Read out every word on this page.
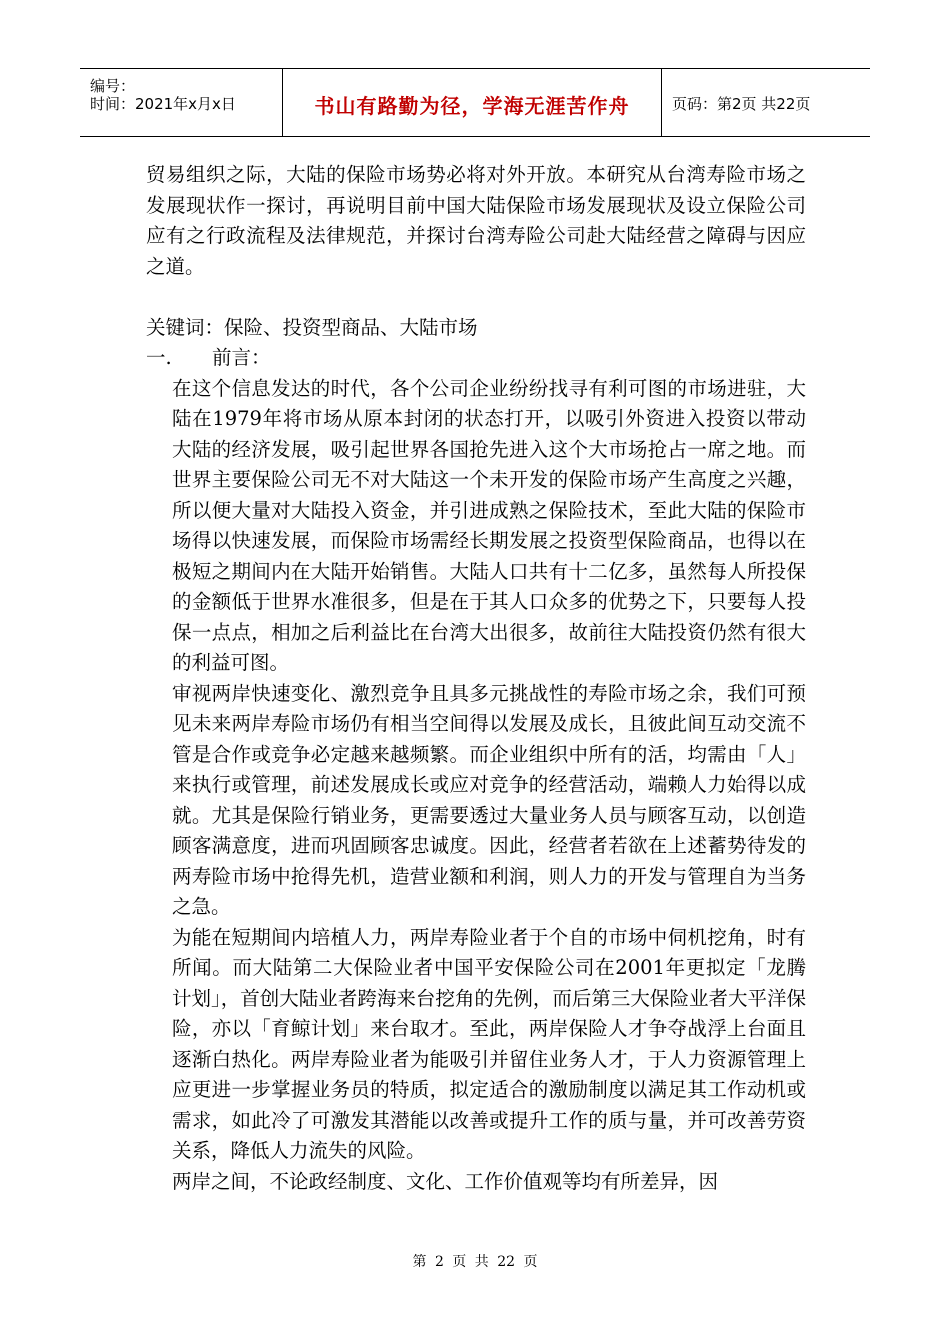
编号：
时间：2021年x月x日	书山有路勤为径，学海无涯苦作舟	页码：第2页 共22页

贸易组织之际，大陆的保险市场势必将对外开放。本研究从台湾寿险市场之发展现状作一探讨，再说明目前中国大陆保险市场发展现状及设立保险公司应有之行政流程及法律规范，并探讨台湾寿险公司赴大陆经营之障碍与因应之道。

关键词：保险、投资型商品、大陆市场

一. 前言：

在这个信息发达的时代，各个公司企业纷纷找寻有利可图的市场进驻，大陆在1979年将市场从原本封闭的状态打开，以吸引外资进入投资以带动大陆的经济发展，吸引起世界各国抢先进入这个大市场抢占一席之地。而世界主要保险公司无不对大陆这一个未开发的保险市场产生高度之兴趣，所以便大量对大陆投入资金，并引进成熟之保险技术，至此大陆的保险市场得以快速发展，而保险市场需经长期发展之投资型保险商品，也得以在极短之期间内在大陆开始销售。大陆人口共有十二亿多，虽然每人所投保的金额低于世界水准很多，但是在于其人口众多的优势之下，只要每人投保一点点，相加之后利益比在台湾大出很多，故前往大陆投资仍然有很大的利益可图。

审视两岸快速变化、激烈竞争且具多元挑战性的寿险市场之余，我们可预见未来两岸寿险市场仍有相当空间得以发展及成长，且彼此间互动交流不管是合作或竞争必定越来越频繁。而企业组织中所有的活，均需由「人」来执行或管理，前述发展成长或应对竞争的经营活动，端赖人力始得以成就。尤其是保险行销业务，更需要透过大量业务人员与顾客互动，以创造顾客满意度，进而巩固顾客忠诚度。因此，经营者若欲在上述蓄势待发的两寿险市场中抢得先机，造营业额和利润，则人力的开发与管理自为当务之急。

为能在短期间内培植人力，两岸寿险业者于个自的市场中伺机挖角，时有所闻。而大陆第二大保险业者中国平安保险公司在2001年更拟定「龙腾计划」，首创大陆业者跨海来台挖角的先例，而后第三大保险业者大平洋保险，亦以「育鲸计划」来台取才。至此，两岸保险人才争夺战浮上台面且逐渐白热化。两岸寿险业者为能吸引并留住业务人才，于人力资源管理上应更进一步掌握业务员的特质，拟定适合的激励制度以满足其工作动机或需求，如此冷了可激发其潜能以改善或提升工作的质与量，并可改善劳资关系，降低人力流失的风险。

两岸之间，不论政经制度、文化、工作价值观等均有所差异，因

第 2 页 共 22 页
